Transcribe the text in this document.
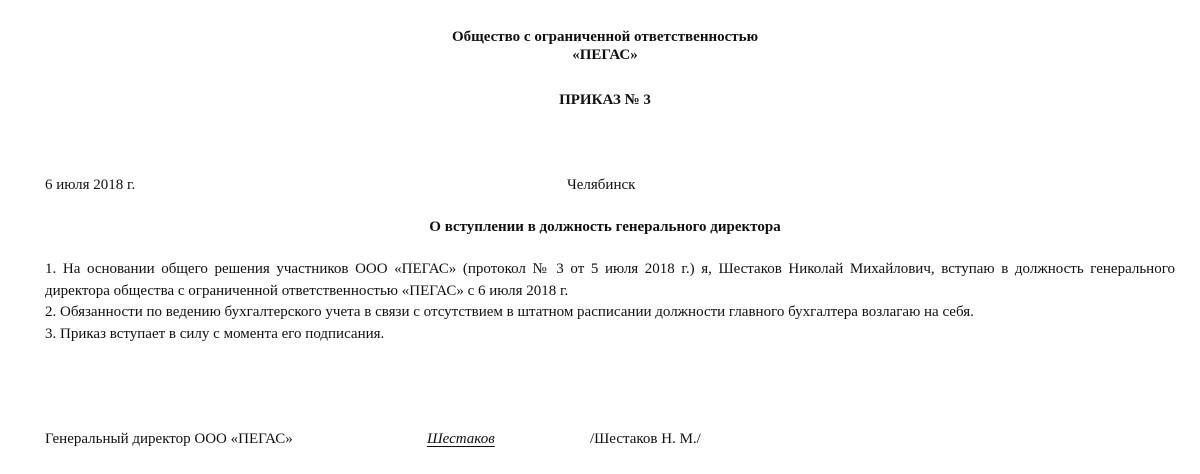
Общество с ограниченной ответственностью
«ПЕГАС»
ПРИКАЗ № 3
6 июля 2018 г.	Челябинск
О вступлении в должность генерального директора

1. На основании общего решения участников ООО «ПЕГАС» (протокол № 3 от 5 июля 2018 г.) я, Шестаков Николай Михайлович, вступаю в должность генерального директора общества с ограниченной ответственностью «ПЕГАС» с 6 июля 2018 г.

2. Обязанности по ведению бухгалтерского учета в связи с отсутствием в штатном расписании должности главного бухгалтера возлагаю на себя.

3. Приказ вступает в силу с момента его подписания.

Генеральный директор ООО «ПЕГАС»	Шестаков	/Шестаков Н. М./
